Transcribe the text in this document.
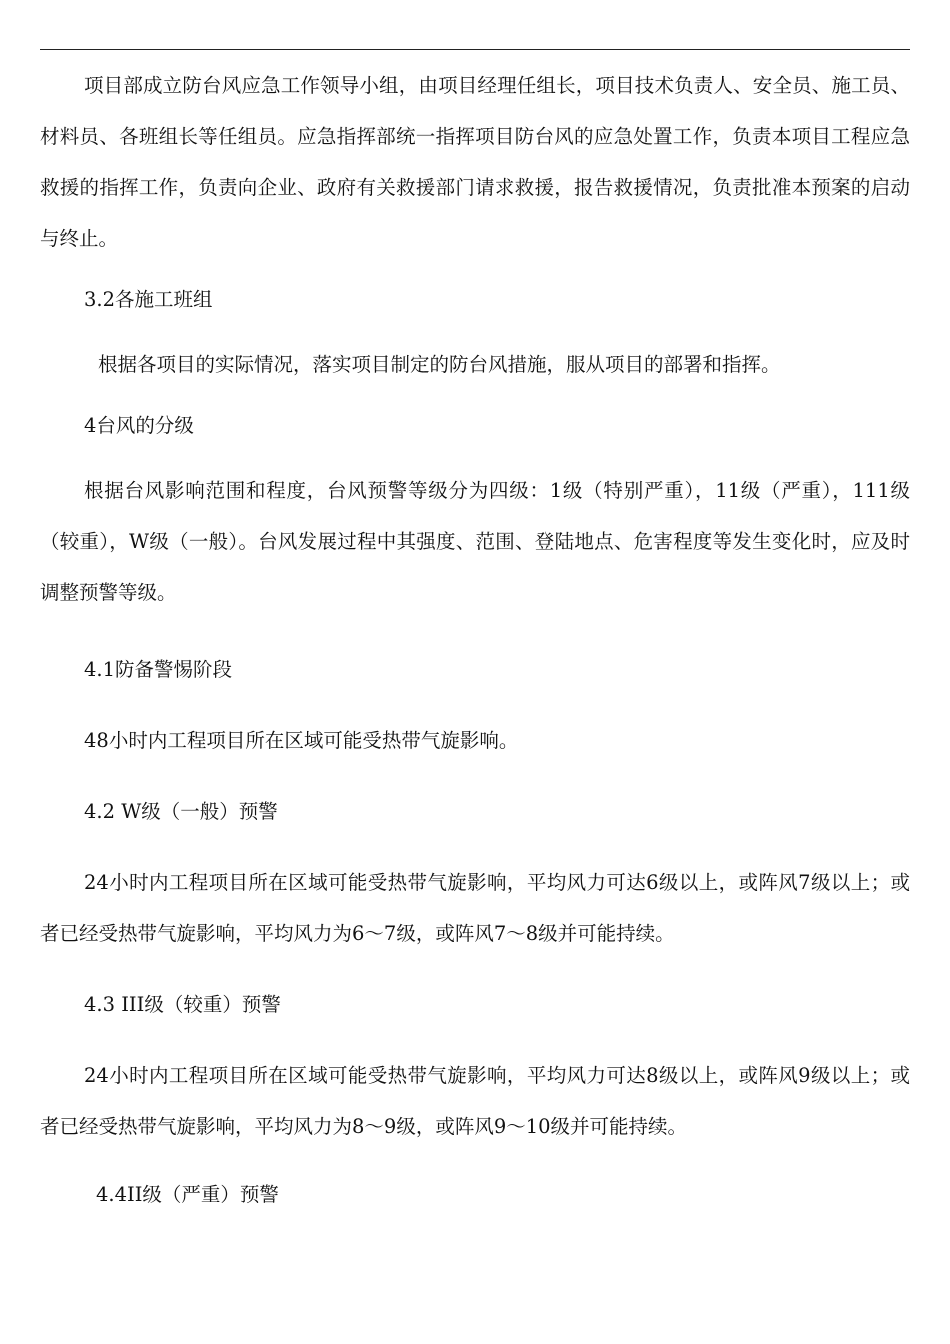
项目部成立防台风应急工作领导小组，由项目经理任组长，项目技术负责人、安全员、施工员、材料员、各班组长等任组员。应急指挥部统一指挥项目防台风的应急处置工作，负责本项目工程应急救援的指挥工作，负责向企业、政府有关救援部门请求救援，报告救援情况，负责批准本预案的启动与终止。

3.2各施工班组

根据各项目的实际情况，落实项目制定的防台风措施，服从项目的部署和指挥。

4台风的分级

根据台风影响范围和程度，台风预警等级分为四级：1级（特别严重），11级（严重），111级（较重），W级（一般）。台风发展过程中其强度、范围、登陆地点、危害程度等发生变化时，应及时调整预警等级。

4.1防备警惕阶段

48小时内工程项目所在区域可能受热带气旋影响。

4.2 W级（一般）预警

24小时内工程项目所在区域可能受热带气旋影响，平均风力可达6级以上，或阵风7级以上；或者已经受热带气旋影响，平均风力为6〜7级，或阵风7〜8级并可能持续。

4.3 III级（较重）预警

24小时内工程项目所在区域可能受热带气旋影响，平均风力可达8级以上，或阵风9级以上；或者已经受热带气旋影响，平均风力为8〜9级，或阵风9〜10级并可能持续。

4.4II级（严重）预警
